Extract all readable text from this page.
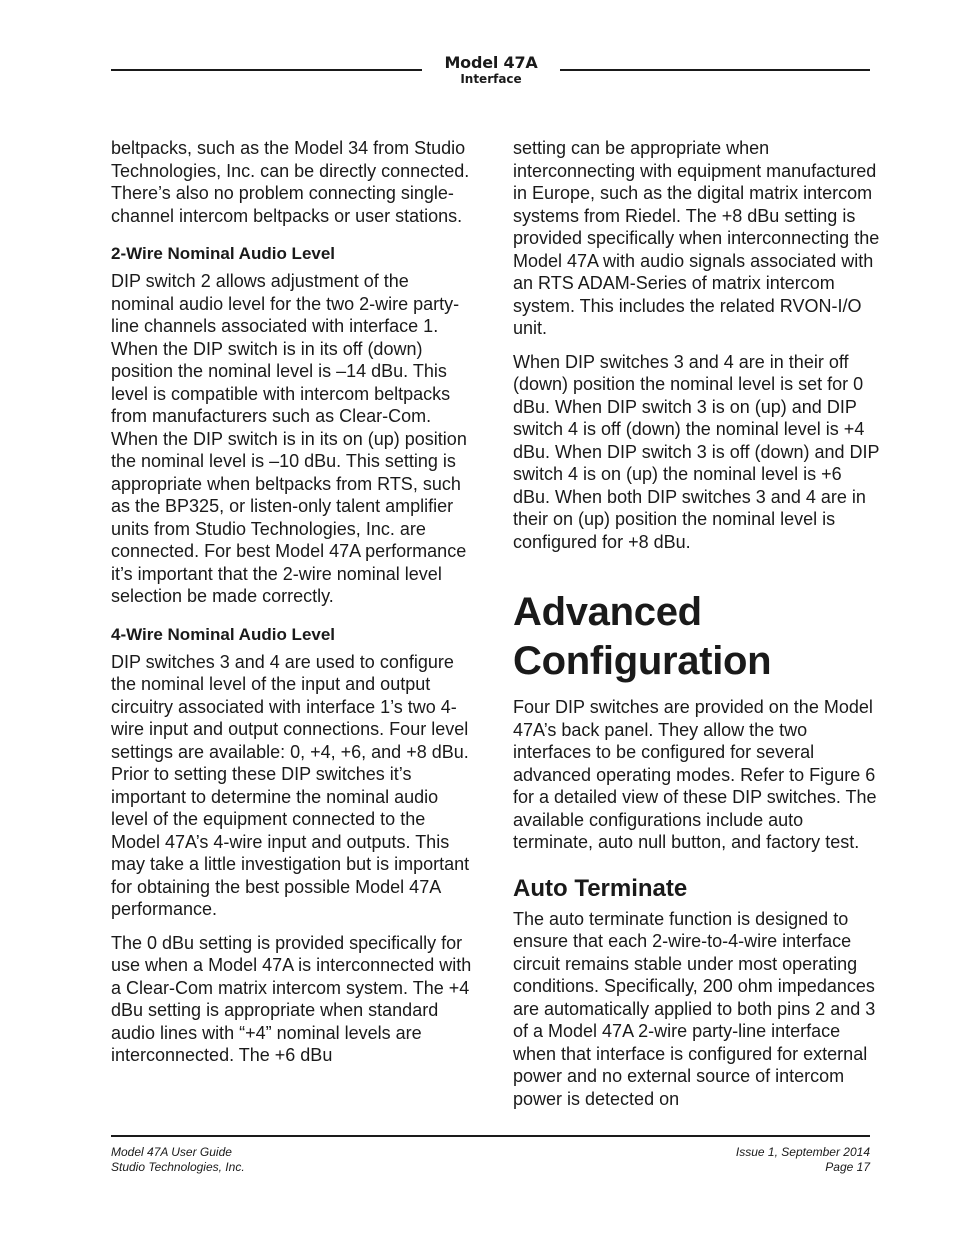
Model 47A
Interface

beltpacks, such as the Model 34 from Studio Technologies, Inc. can be directly connected. There’s also no problem connecting single-channel intercom beltpacks or user stations.

2-Wire Nominal Audio Level

DIP switch 2 allows adjustment of the nominal audio level for the two 2-wire party-line channels associated with interface 1. When the DIP switch is in its off (down) position the nominal level is –14 dBu. This level is compatible with intercom beltpacks from manufacturers such as Clear-Com. When the DIP switch is in its on (up) position the nominal level is –10 dBu. This setting is appropriate when beltpacks from RTS, such as the BP325, or listen-only talent amplifier units from Studio Technologies, Inc. are connected. For best Model 47A performance it’s important that the 2-wire nominal level selection be made correctly.

4-Wire Nominal Audio Level

DIP switches 3 and 4 are used to configure the nominal level of the input and output circuitry associated with interface 1’s two 4-wire input and output connections. Four level settings are available: 0, +4, +6, and +8 dBu. Prior to setting these DIP switches it’s important to determine the nominal audio level of the equipment connected to the Model 47A’s 4-wire input and outputs. This may take a little investigation but is important for obtaining the best possible Model 47A performance.

The 0 dBu setting is provided specifically for use when a Model 47A is interconnected with a Clear-Com matrix intercom system. The +4 dBu setting is appropriate when standard audio lines with “+4” nominal levels are interconnected. The +6 dBu

setting can be appropriate when interconnecting with equipment manufactured in Europe, such as the digital matrix intercom systems from Riedel. The +8 dBu setting is provided specifically when interconnecting the Model 47A with audio signals associated with an RTS ADAM-Series of matrix intercom system. This includes the related RVON-I/O unit.

When DIP switches 3 and 4 are in their off (down) position the nominal level is set for 0 dBu. When DIP switch 3 is on (up) and DIP switch 4 is off (down) the nominal level is +4 dBu. When DIP switch 3 is off (down) and DIP switch 4 is on (up) the nominal level is +6 dBu. When both DIP switches 3 and 4 are in their on (up) position the nominal level is configured for +8 dBu.

Advanced Configuration

Four DIP switches are provided on the Model 47A’s back panel. They allow the two interfaces to be configured for several advanced operating modes. Refer to Figure 6 for a detailed view of these DIP switches. The available configurations include auto terminate, auto null button, and factory test.

Auto Terminate

The auto terminate function is designed to ensure that each 2-wire-to-4-wire interface circuit remains stable under most operating conditions. Specifically, 200 ohm impedances are automatically applied to both pins 2 and 3 of a Model 47A 2-wire party-line interface when that interface is configured for external power and no external source of intercom power is detected on

Model 47A User Guide
Studio Technologies, Inc.
Issue 1, September 2014
Page 17
